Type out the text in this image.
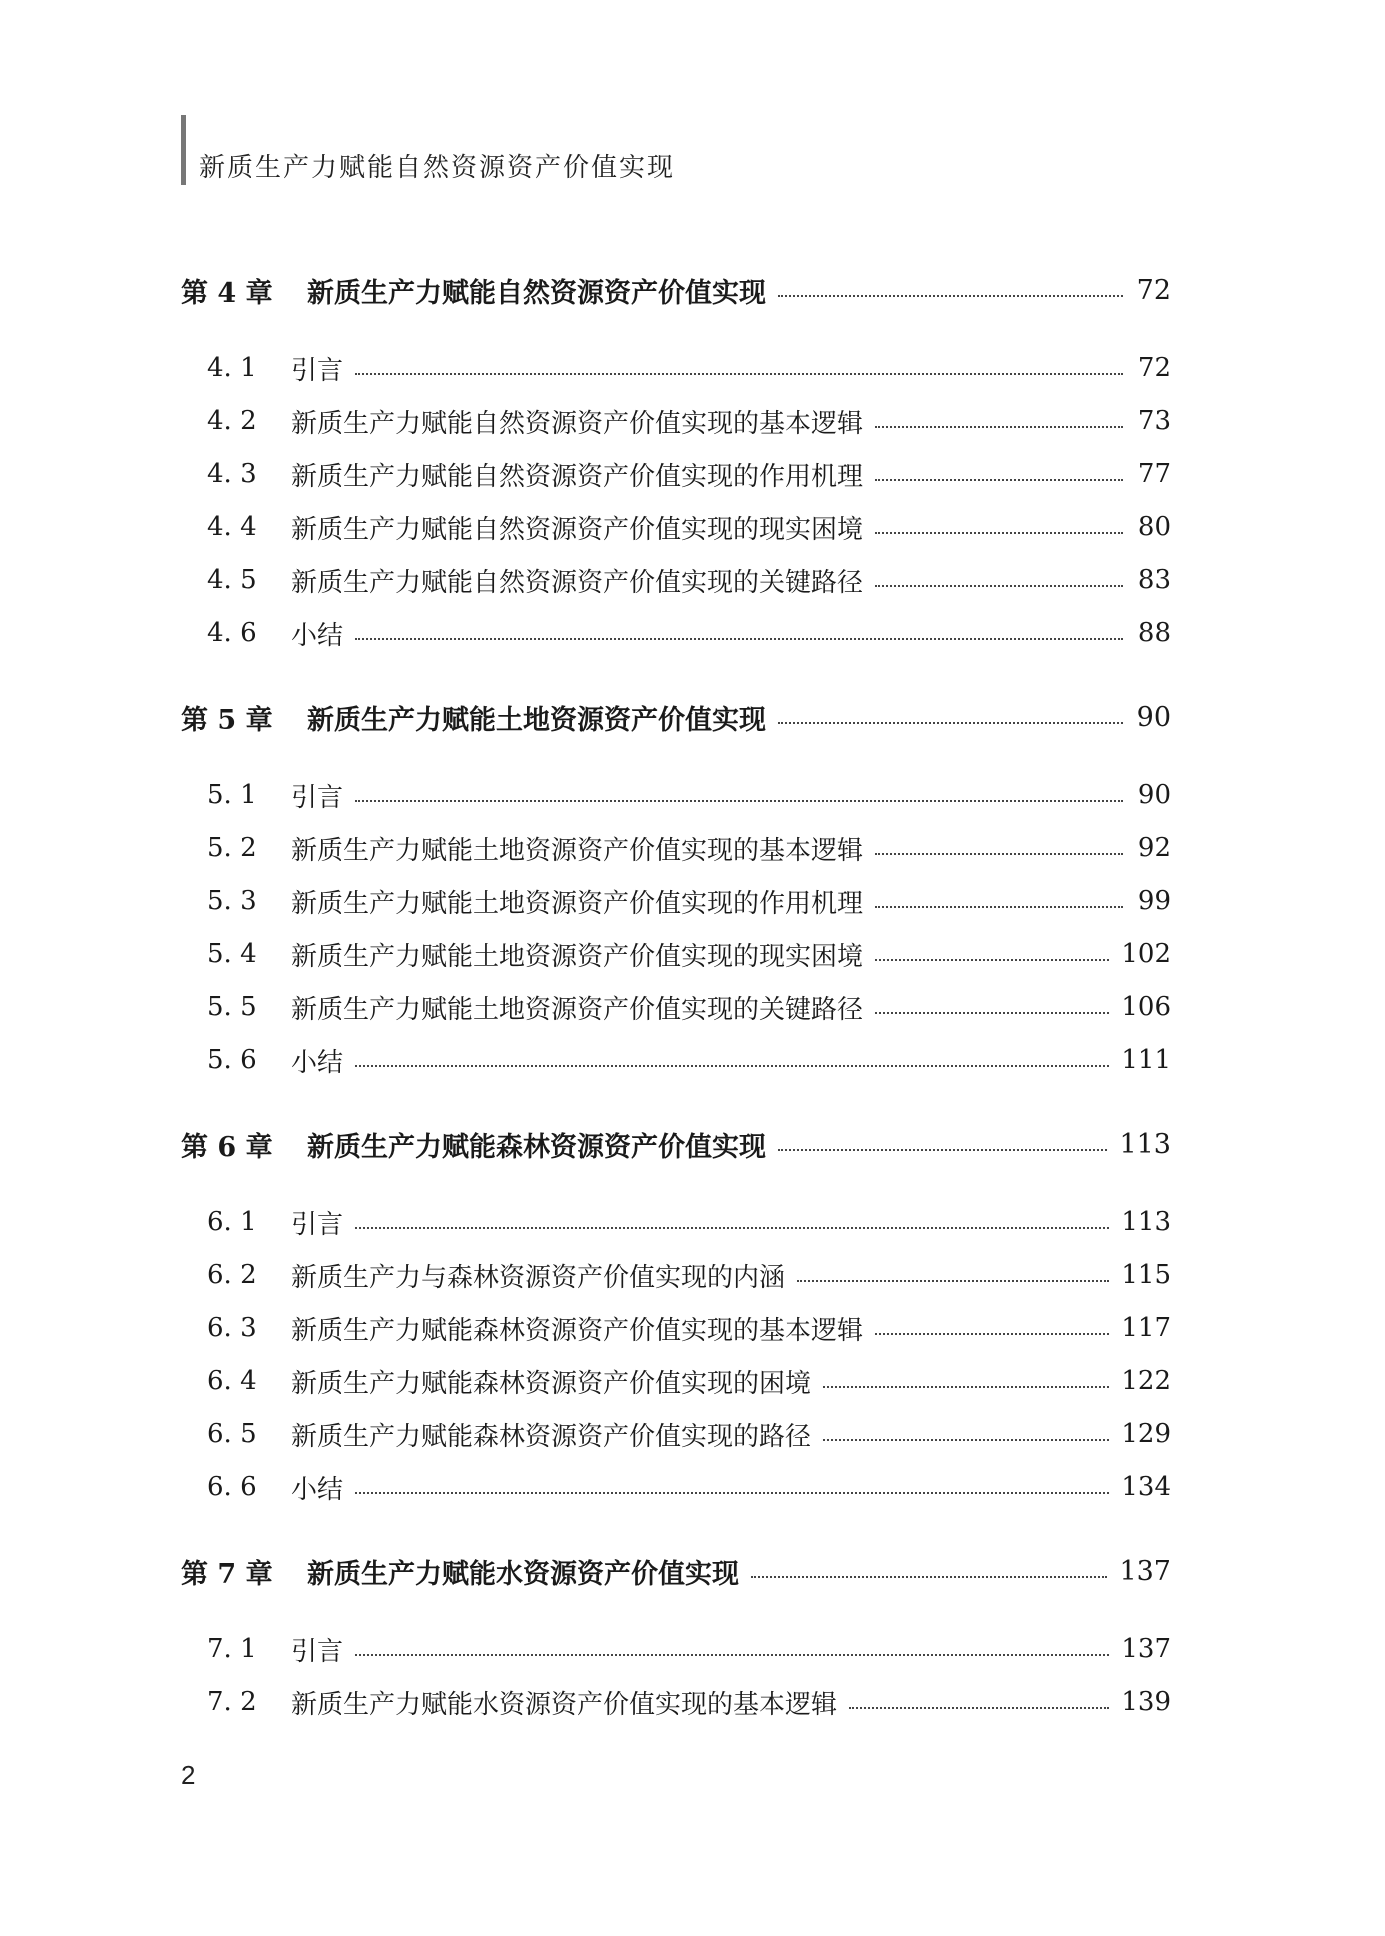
新质生产力赋能自然资源资产价值实现
第 4 章	新质生产力赋能自然资源资产价值实现	72
4. 1	引言	72
4. 2	新质生产力赋能自然资源资产价值实现的基本逻辑	73
4. 3	新质生产力赋能自然资源资产价值实现的作用机理	77
4. 4	新质生产力赋能自然资源资产价值实现的现实困境	80
4. 5	新质生产力赋能自然资源资产价值实现的关键路径	83
4. 6	小结	88
第 5 章	新质生产力赋能土地资源资产价值实现	90
5. 1	引言	90
5. 2	新质生产力赋能土地资源资产价值实现的基本逻辑	92
5. 3	新质生产力赋能土地资源资产价值实现的作用机理	99
5. 4	新质生产力赋能土地资源资产价值实现的现实困境	102
5. 5	新质生产力赋能土地资源资产价值实现的关键路径	106
5. 6	小结	111
第 6 章	新质生产力赋能森林资源资产价值实现	113
6. 1	引言	113
6. 2	新质生产力与森林资源资产价值实现的内涵	115
6. 3	新质生产力赋能森林资源资产价值实现的基本逻辑	117
6. 4	新质生产力赋能森林资源资产价值实现的困境	122
6. 5	新质生产力赋能森林资源资产价值实现的路径	129
6. 6	小结	134
第 7 章	新质生产力赋能水资源资产价值实现	137
7. 1	引言	137
7. 2	新质生产力赋能水资源资产价值实现的基本逻辑	139
2
